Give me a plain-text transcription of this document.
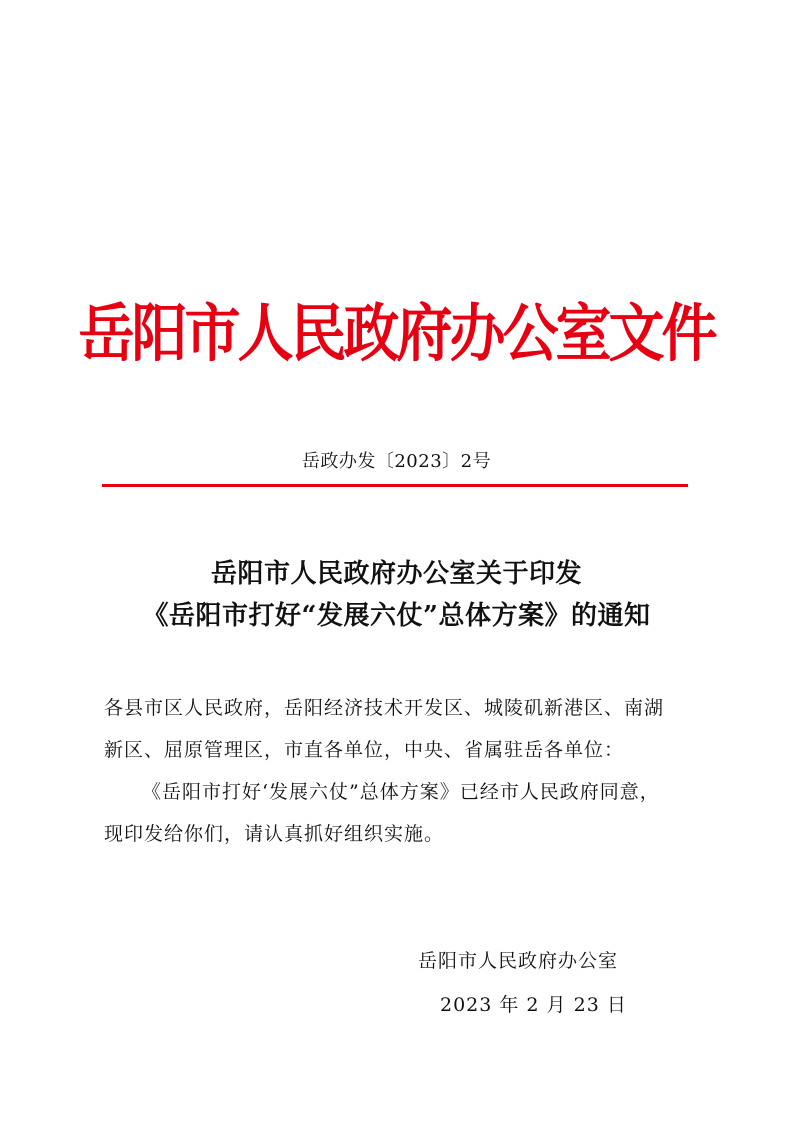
岳阳市人民政府办公室文件
岳政办发〔2023〕2号
岳阳市人民政府办公室关于印发
《岳阳市打好“发展六仗”总体方案》的通知
各县市区人民政府，岳阳经济技术开发区、城陵矶新港区、南湖
新区、屈原管理区，市直各单位，中央、省属驻岳各单位：
《岳阳市打好‘发展六仗”总体方案》已经市人民政府同意，
现印发给你们，请认真抓好组织实施。
岳阳市人民政府办公室
2023 年 2 月 23 日
